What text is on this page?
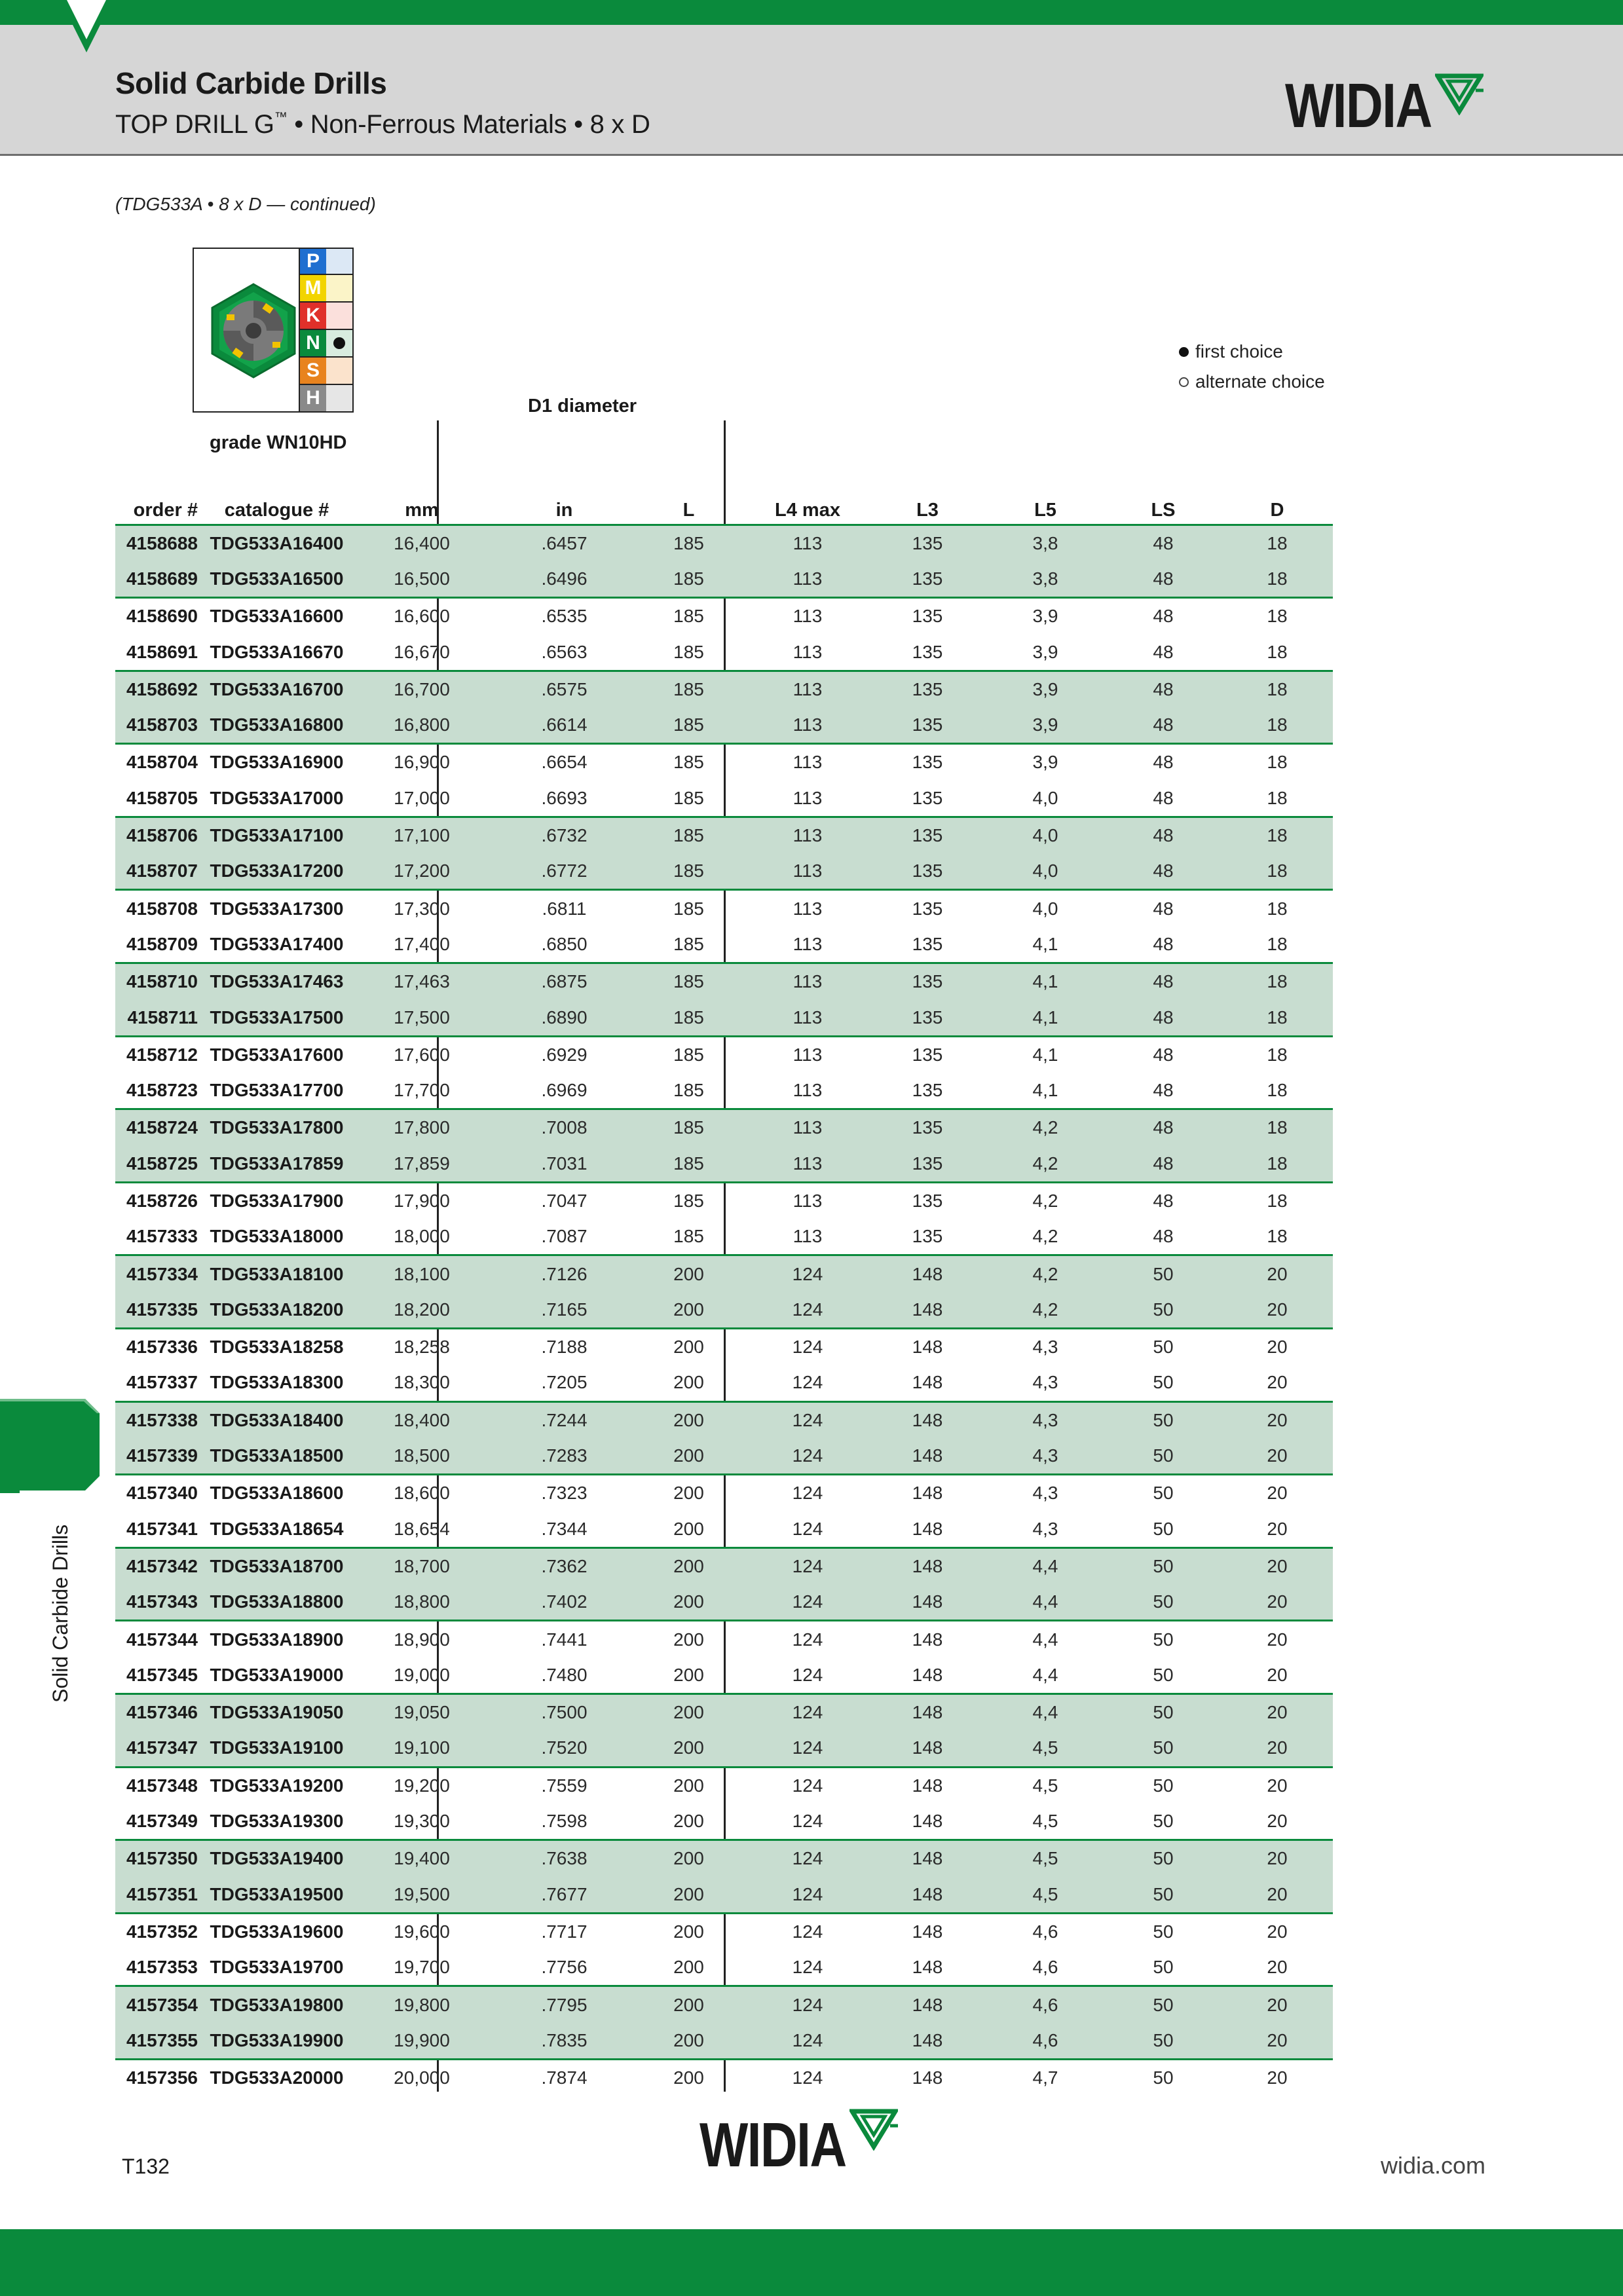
Solid Carbide Drills
TOP DRILL G™ • Non-Ferrous Materials • 8 x D	WIDIA
(TDG533A • 8 x D — continued)
P
M
K
N
S
H
grade WN10HD
D1 diameter
first choice
alternate choice
order #	catalogue #	mm	in	L	L4 max	L3	L5	LS	D
4158688	TDG533A16400	16,400	.6457	185	113	135	3,8	48	18
4158689	TDG533A16500	16,500	.6496	185	113	135	3,8	48	18
4158690	TDG533A16600	16,600	.6535	185	113	135	3,9	48	18
4158691	TDG533A16670	16,670	.6563	185	113	135	3,9	48	18
4158692	TDG533A16700	16,700	.6575	185	113	135	3,9	48	18
4158703	TDG533A16800	16,800	.6614	185	113	135	3,9	48	18
4158704	TDG533A16900	16,900	.6654	185	113	135	3,9	48	18
4158705	TDG533A17000	17,000	.6693	185	113	135	4,0	48	18
4158706	TDG533A17100	17,100	.6732	185	113	135	4,0	48	18
4158707	TDG533A17200	17,200	.6772	185	113	135	4,0	48	18
4158708	TDG533A17300	17,300	.6811	185	113	135	4,0	48	18
4158709	TDG533A17400	17,400	.6850	185	113	135	4,1	48	18
4158710	TDG533A17463	17,463	.6875	185	113	135	4,1	48	18
4158711	TDG533A17500	17,500	.6890	185	113	135	4,1	48	18
4158712	TDG533A17600	17,600	.6929	185	113	135	4,1	48	18
4158723	TDG533A17700	17,700	.6969	185	113	135	4,1	48	18
4158724	TDG533A17800	17,800	.7008	185	113	135	4,2	48	18
4158725	TDG533A17859	17,859	.7031	185	113	135	4,2	48	18
4158726	TDG533A17900	17,900	.7047	185	113	135	4,2	48	18
4157333	TDG533A18000	18,000	.7087	185	113	135	4,2	48	18
4157334	TDG533A18100	18,100	.7126	200	124	148	4,2	50	20
4157335	TDG533A18200	18,200	.7165	200	124	148	4,2	50	20
4157336	TDG533A18258	18,258	.7188	200	124	148	4,3	50	20
4157337	TDG533A18300	18,300	.7205	200	124	148	4,3	50	20
4157338	TDG533A18400	18,400	.7244	200	124	148	4,3	50	20
4157339	TDG533A18500	18,500	.7283	200	124	148	4,3	50	20
4157340	TDG533A18600	18,600	.7323	200	124	148	4,3	50	20
4157341	TDG533A18654	18,654	.7344	200	124	148	4,3	50	20
4157342	TDG533A18700	18,700	.7362	200	124	148	4,4	50	20
4157343	TDG533A18800	18,800	.7402	200	124	148	4,4	50	20
4157344	TDG533A18900	18,900	.7441	200	124	148	4,4	50	20
4157345	TDG533A19000	19,000	.7480	200	124	148	4,4	50	20
4157346	TDG533A19050	19,050	.7500	200	124	148	4,4	50	20
4157347	TDG533A19100	19,100	.7520	200	124	148	4,5	50	20
4157348	TDG533A19200	19,200	.7559	200	124	148	4,5	50	20
4157349	TDG533A19300	19,300	.7598	200	124	148	4,5	50	20
4157350	TDG533A19400	19,400	.7638	200	124	148	4,5	50	20
4157351	TDG533A19500	19,500	.7677	200	124	148	4,5	50	20
4157352	TDG533A19600	19,600	.7717	200	124	148	4,6	50	20
4157353	TDG533A19700	19,700	.7756	200	124	148	4,6	50	20
4157354	TDG533A19800	19,800	.7795	200	124	148	4,6	50	20
4157355	TDG533A19900	19,900	.7835	200	124	148	4,6	50	20
4157356	TDG533A20000	20,000	.7874	200	124	148	4,7	50	20
Solid Carbide Drills
T132	WIDIA	widia.com
